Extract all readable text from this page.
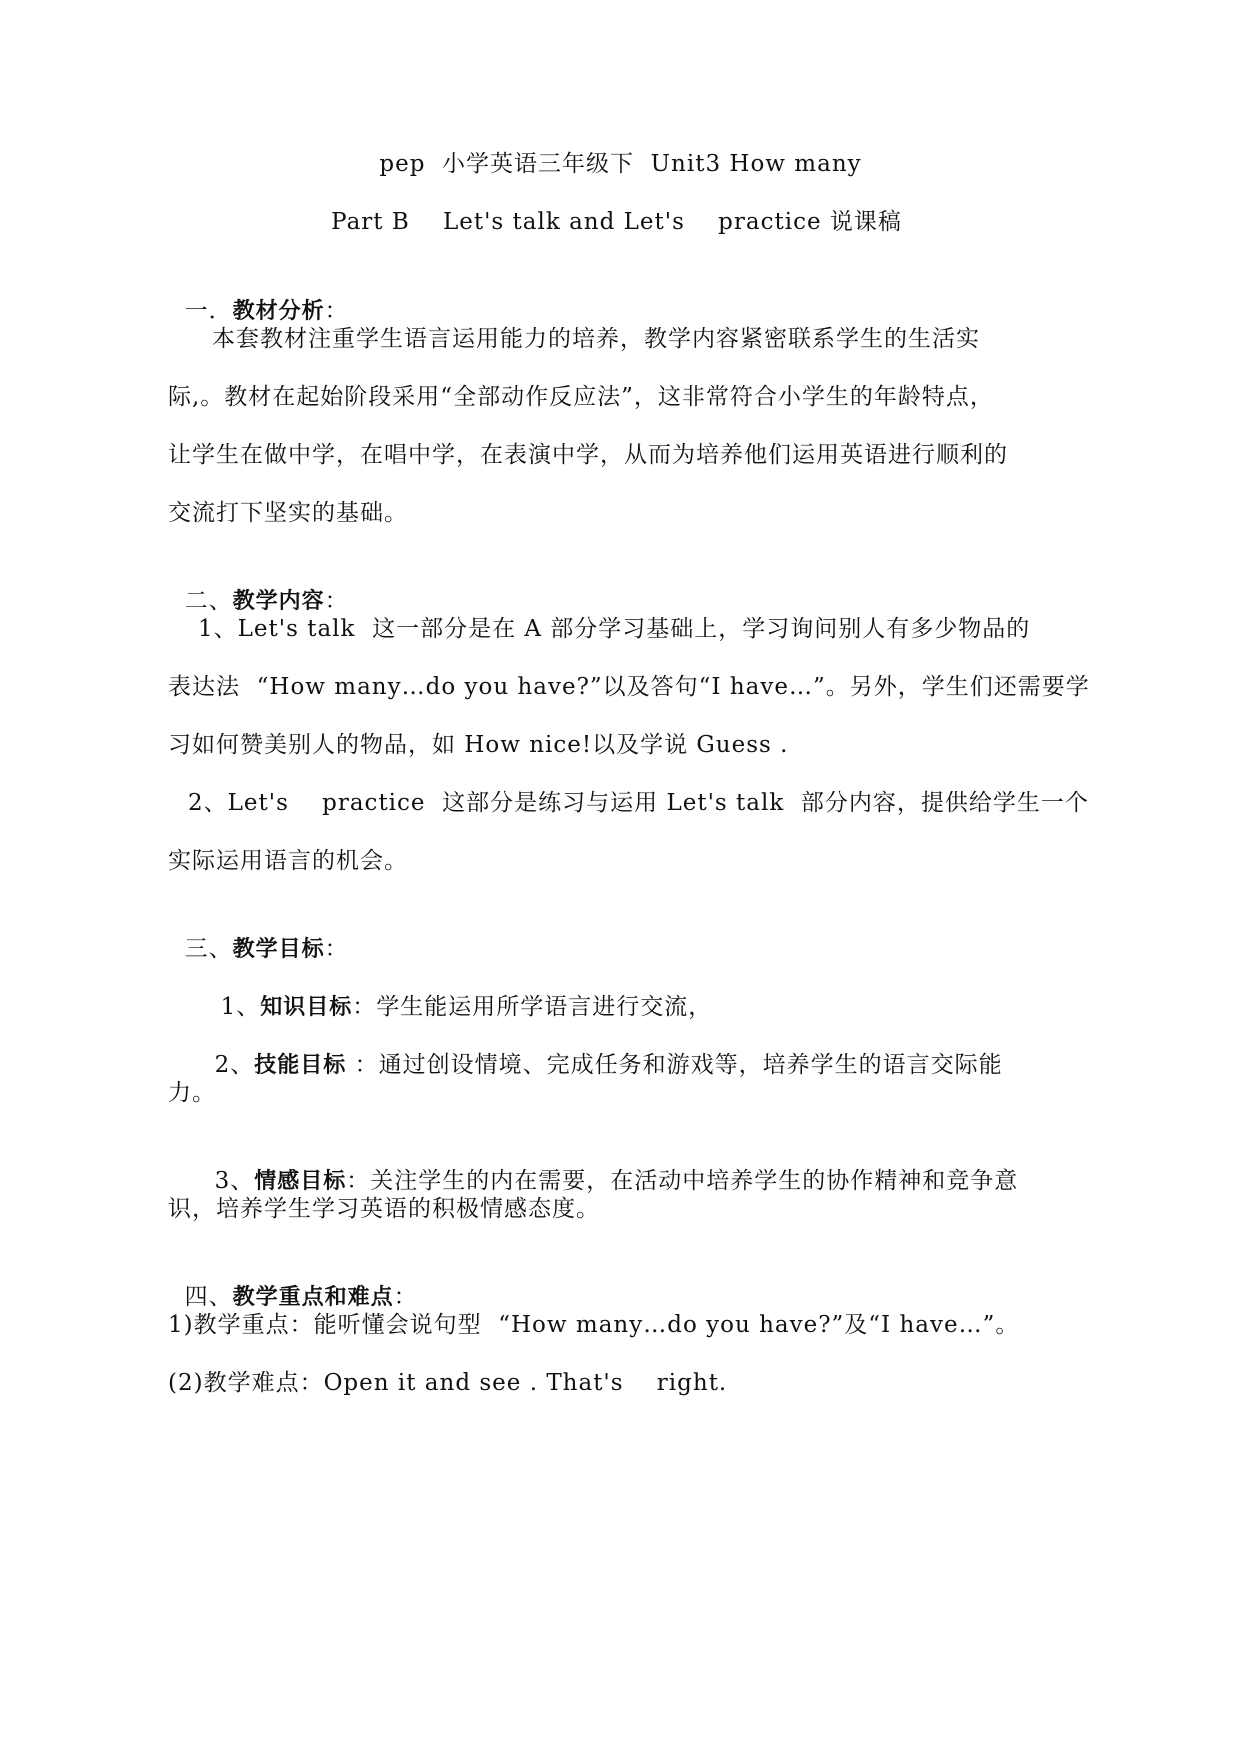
pep  小学英语三年级下  Unit3 How many
Part B    Let's talk and Let's    practice 说课稿

一．教材分析：

本套教材注重学生语言运用能力的培养，教学内容紧密联系学生的生活实
际,。教材在起始阶段采用“全部动作反应法”，这非常符合小学生的年龄特点，
让学生在做中学，在唱中学，在表演中学，从而为培养他们运用英语进行顺利的
交流打下坚实的基础。

二、教学内容：

1、Let's talk  这一部分是在 A 部分学习基础上，学习询问别人有多少物品的
表达法  “How many…do you have?”以及答句“I have…”。另外，学生们还需要学
习如何赞美别人的物品，如 How nice!以及学说 Guess .
2、Let's    practice  这部分是练习与运用 Let's talk  部分内容，提供给学生一个
实际运用语言的机会。

三、教学目标：

1、知识目标：学生能运用所学语言进行交流，

2、技能目标 ：通过创设情境、完成任务和游戏等，培养学生的语言交际能

力。

3、情感目标：关注学生的内在需要，在活动中培养学生的协作精神和竞争意

识，培养学生学习英语的积极情感态度。

四、教学重点和难点：

1)教学重点：能听懂会说句型  “How many…do you have?”及“I have…”。
(2)教学难点：Open it and see . That's    right.
